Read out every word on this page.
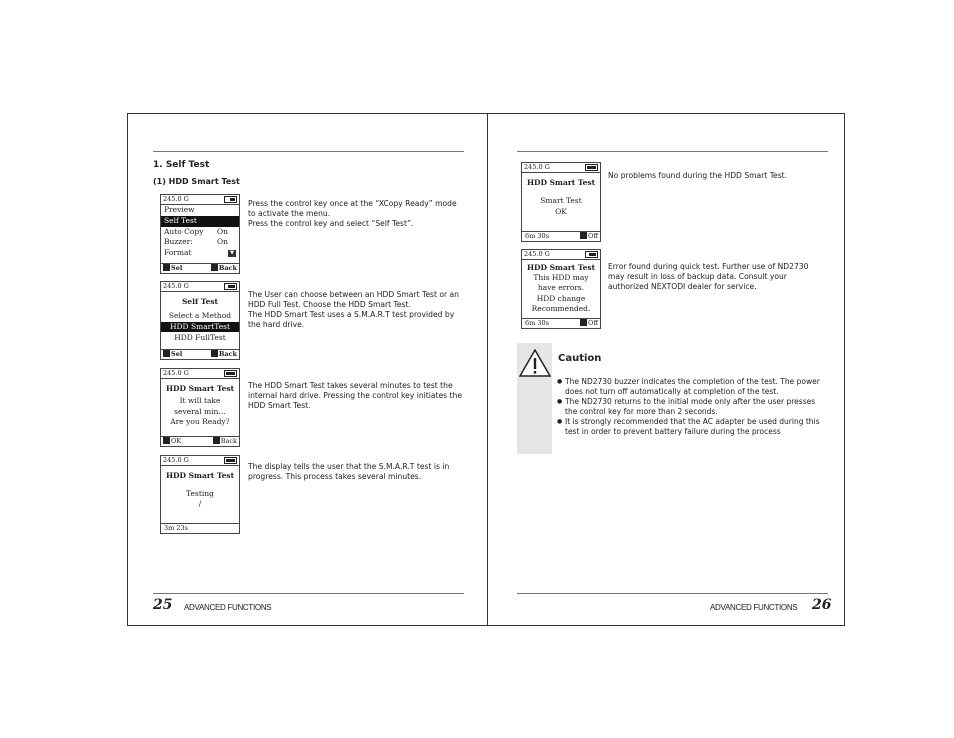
1. Self Test
(1) HDD Smart Test
245.0 G
Preview
Self Test
Auto Copy On
Buzzer:	On
Format	▼
Sel	Back
Press the control key once at the “XCopy Ready” mode to activate the menu.
Press the control key and select “Self Test”.
245.0 G
Self Test
Select a Method
HDD SmartTest
HDD FullTest
Sel	Back
The User can choose between an HDD Smart Test or an HDD Full Test. Choose the HDD Smart Test.
The HDD Smart Test uses a S.M.A.R.T test provided by the hard drive.
245.0 G
HDD Smart Test
It will take
several min…
Are you Ready?
OK	Back
The HDD Smart Test takes several minutes to test the internal hard drive. Pressing the control key initiates the HDD Smart Test.
245.0 G
HDD Smart Test
Testing
/
3m 23s
The display tells the user that the S.M.A.R.T test is in progress. This process takes several minutes.
25 ADVANCED FUNCTIONS
245.0 G
HDD Smart Test
Smart Test
OK
6m 30s	Off
No problems found during the HDD Smart Test.
245.0 G
HDD Smart Test
This HDD may
have errors.
HDD change
Recommended.
6m 30s	Off
Error found during quick test. Further use of ND2730 may result in loss of backup data. Consult your authorized NEXTODI dealer for service.
Caution
● The ND2730 buzzer indicates the completion of the test. The power does not turn off automatically at completion of the test.
● The ND2730 returns to the initial mode only after the user presses the control key for more than 2 seconds.
● It is strongly recommended that the AC adapter be used during this test in order to prevent battery failure during the process
ADVANCED FUNCTIONS 26
